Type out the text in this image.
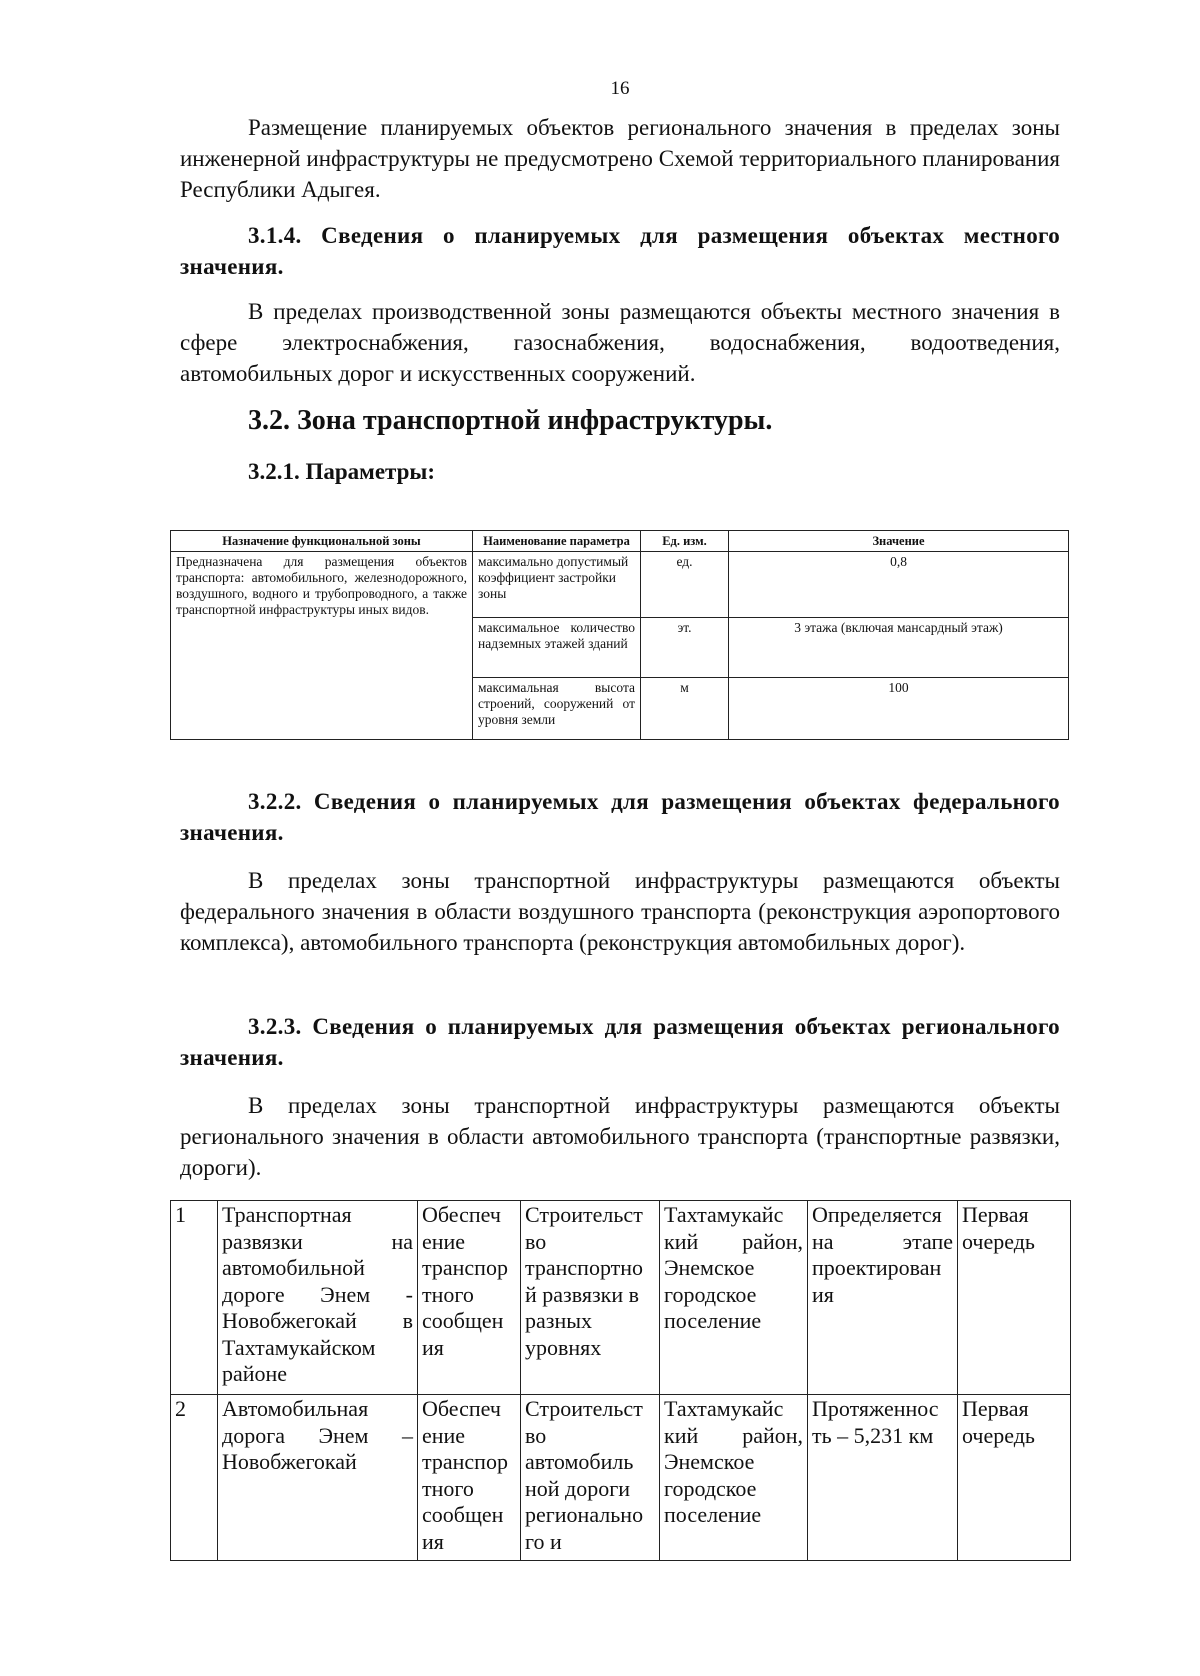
16

Размещение планируемых объектов регионального значения в пределах зоны инженерной инфраструктуры не предусмотрено Схемой территориального планирования Республики Адыгея.

3.1.4. Сведения о планируемых для размещения объектах местного значения.

В пределах производственной зоны размещаются объекты местного значения в сфере электроснабжения, газоснабжения, водоснабжения, водоотведения, автомобильных дорог и искусственных сооружений.

3.2. Зона транспортной инфраструктуры.

3.2.1. Параметры:

Назначение функциональной зоны	Наименование параметра	Ед. изм.	Значение
Предназначена для размещения объектов транспорта: автомобильного, железнодорожного, воздушного, водного и трубопроводного, а также транспортной инфраструктуры иных видов.	максимально допустимый коэффициент застройки зоны	ед.	0,8
	максимальное количество надземных этажей зданий	эт.	3 этажа (включая мансардный этаж)
	максимальная высота строений, сооружений от уровня земли	м	100

3.2.2. Сведения о планируемых для размещения объектах федерального значения.

В пределах зоны транспортной инфраструктуры размещаются объекты федерального значения в области воздушного транспорта (реконструкция аэропортового комплекса), автомобильного транспорта (реконструкция автомобильных дорог).

3.2.3. Сведения о планируемых для размещения объектах регионального значения.

В пределах зоны транспортной инфраструктуры размещаются объекты регионального значения в области автомобильного транспорта (транспортные развязки, дороги).

1	Транспортная развязки на автомобильной дороге Энем - Новобжегокай в Тахтамукайском районе	Обеспеч ение транспор тного сообщен ия	Строительст во транспортно й развязки в разных уровнях	Тахтамукайс кий район, Энемское городское поселение	Определяется на этапе проектирован ия	Первая очередь
2	Автомобильная дорога Энем – Новобжегокай	Обеспеч ение транспор тного сообщен ия	Строительст во автомобиль ной дороги регионально го и	Тахтамукайс кий район, Энемское городское поселение	Протяженнос ть – 5,231 км	Первая очередь
